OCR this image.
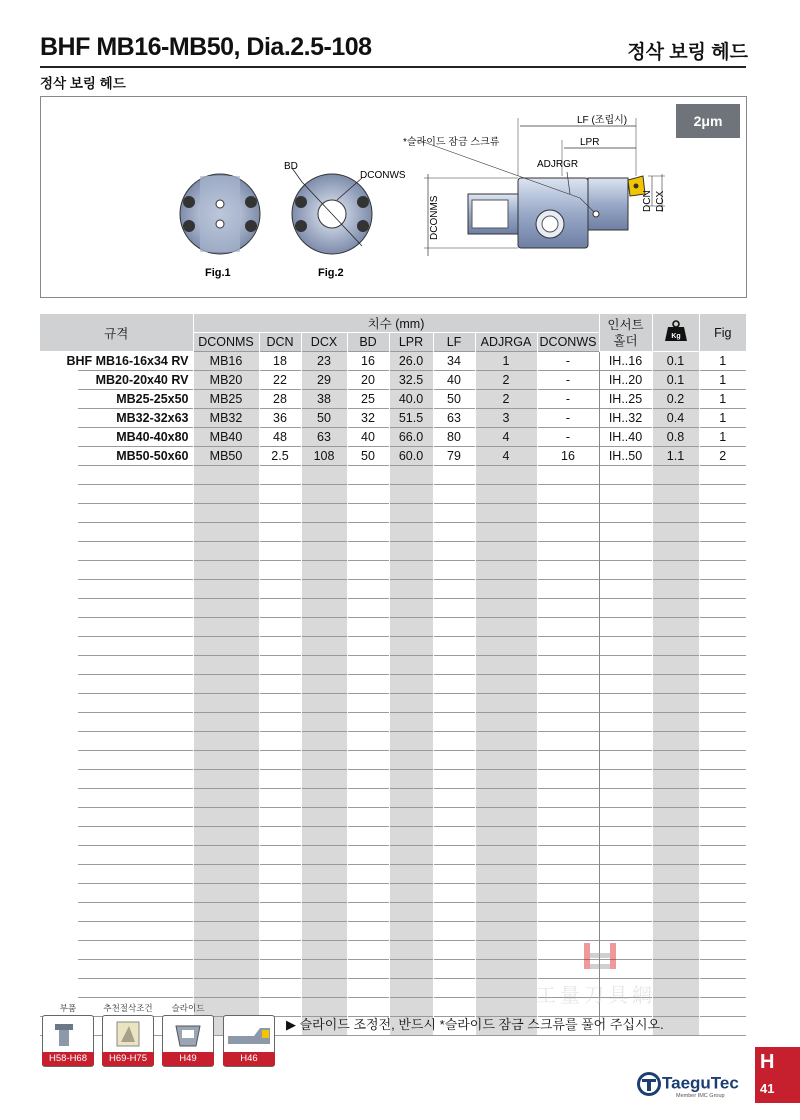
BHF MB16-MB50, Dia.2.5-108	정삭 보링 헤드
정삭 보링 헤드
2μm
Fig.1
BD
DCONWS
Fig.2
LF (조립시)
LPR
ADJRGR
*슬라이드 잠금 스크류
DCONMS	DCN DCX
규격		치수 (mm)								인서트
홀더	Kg	Fig
		DCONMS	DCN	DCX	BD	LPR	LF	ADJRGA	DCONWS			
BHF MB16-16x34 RV		MB16	18	23	16	26.0	34	1	-	IH..16	0.1	1
	MB20-20x40 RV	MB20	22	29	20	32.5	40	2	-	IH..20	0.1	1
	MB25-25x50	MB25	28	38	25	40.0	50	2	-	IH..25	0.2	1
	MB32-32x63	MB32	36	50	32	51.5	63	3	-	IH..32	0.4	1
	MB40-40x80	MB40	48	63	40	66.0	80	4	-	IH..40	0.8	1
	MB50-50x60	MB50	2.5	108	50	60.0	79	4	16	IH..50	1.1	2

부품
H58-H68
추천절삭조건
H69-H75
슬라이드
H49	H46
▶ 슬라이드 조정전, 반드시 *슬라이드 잠금 스크류를 풀어 주십시오.
工量刀具網
TaeguTec
Member IMC Group
H
41
